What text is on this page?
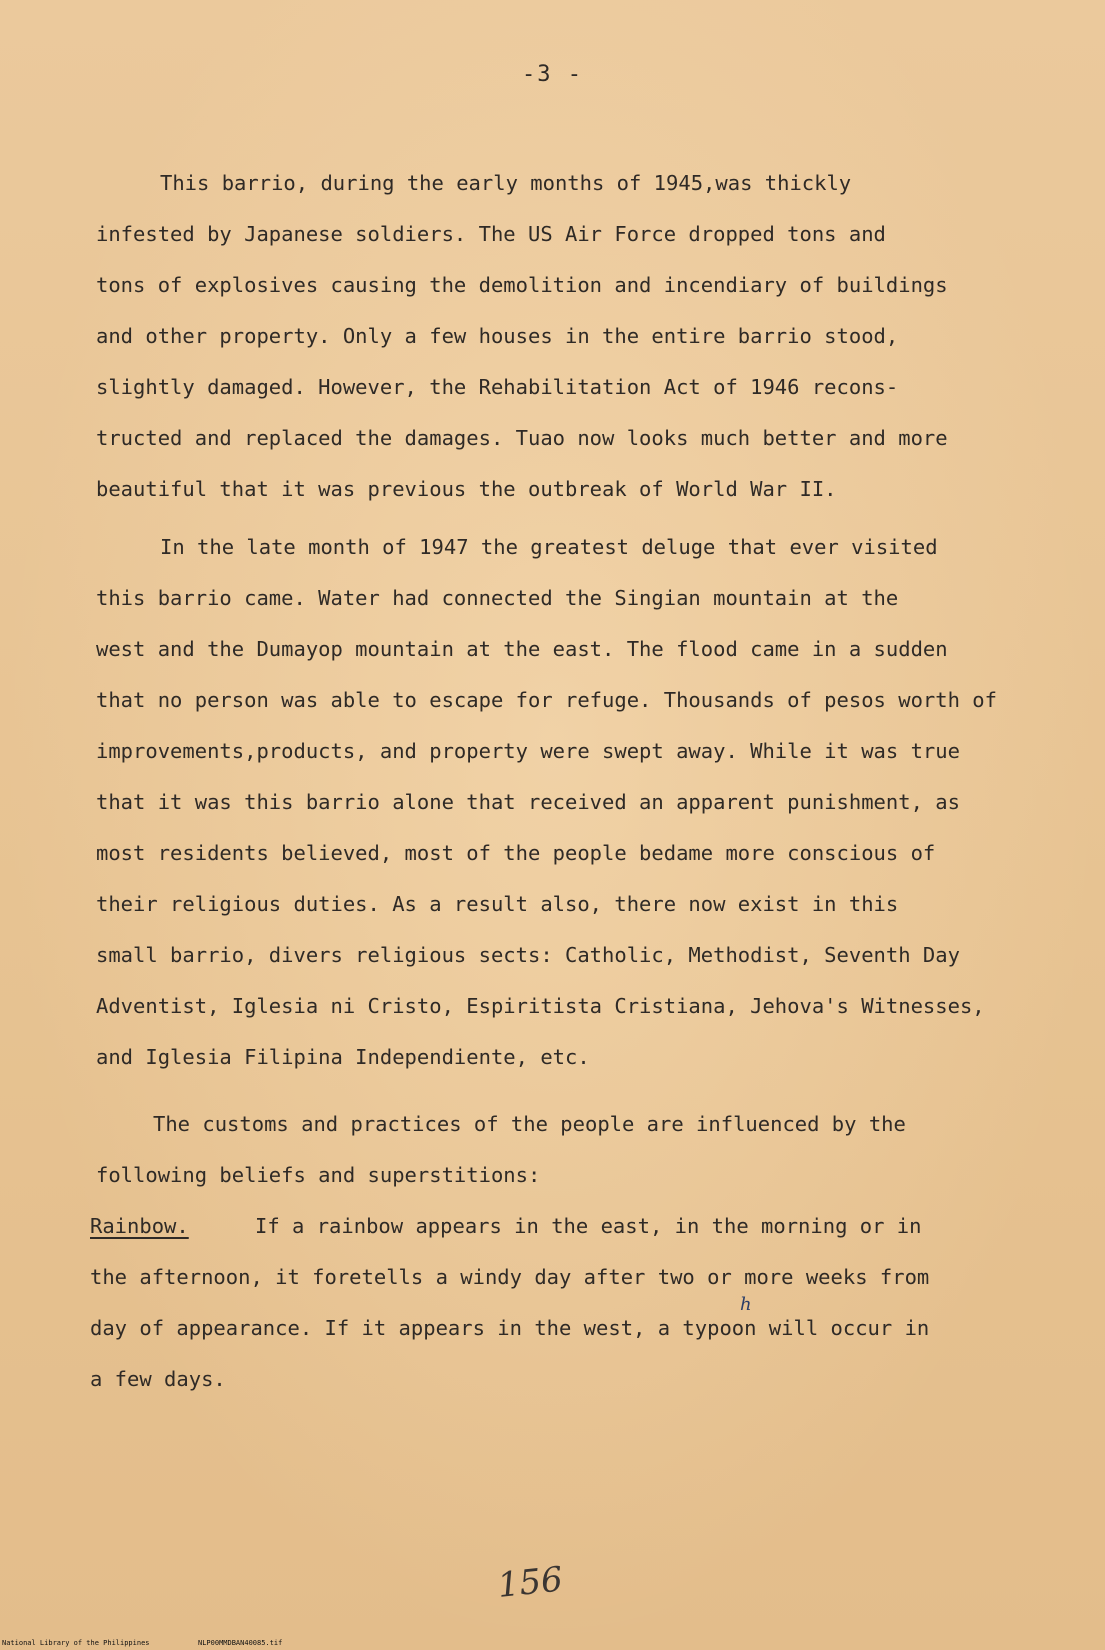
-3 -
This barrio, during the early months of 1945,was thickly
infested by Japanese soldiers. The US Air Force dropped tons and
tons of explosives causing the demolition and incendiary of buildings
and other property. Only a few houses in the entire barrio stood,
slightly damaged. However, the Rehabilitation Act of 1946 recons-
tructed and replaced the damages. Tuao now looks much better and more
beautiful that it was previous the outbreak of World War II.
In the late month of 1947 the greatest deluge that ever visited
this barrio came. Water had connected the Singian mountain at the
west and the Dumayop mountain at the east. The flood came in a sudden
that no person was able to escape for refuge. Thousands of pesos worth of
improvements,products, and property were swept away. While it was true
that it was this barrio alone that received an apparent punishment, as
most residents believed, most of the people bedame more conscious of
their religious duties. As a result also, there now exist in this
small barrio, divers religious sects: Catholic, Methodist, Seventh Day
Adventist, Iglesia ni Cristo, Espiritista Cristiana, Jehova's Witnesses,
and Iglesia Filipina Independiente, etc.
The customs and practices of the people are influenced by the
following beliefs and superstitions:
Rainbow.	If a rainbow appears in the east, in the morning or in
the afternoon, it foretells a windy day after two or more weeks from
day of appearance. If it appears in the west, a typoon will occur in
a few days.
h
156
National Library of the Philippines	NLP00MMDBAN40085.tif
